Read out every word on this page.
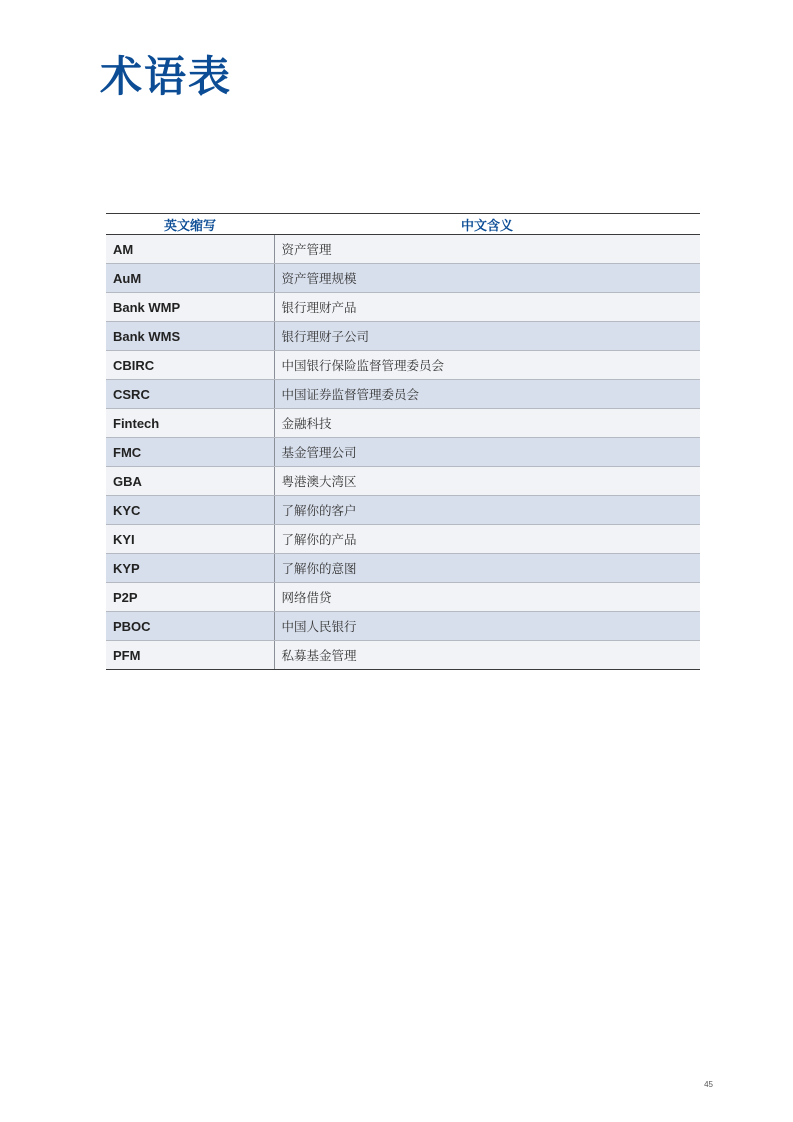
术语表
英文缩写	中文含义
AM	资产管理
AuM	资产管理规模
Bank WMP	银行理财产品
Bank WMS	银行理财子公司
CBIRC	中国银行保险监督管理委员会
CSRC	中国证券监督管理委员会
Fintech	金融科技
FMC	基金管理公司
GBA	粤港澳大湾区
KYC	了解你的客户
KYI	了解你的产品
KYP	了解你的意图
P2P	网络借贷
PBOC	中国人民银行
PFM	私募基金管理
45
